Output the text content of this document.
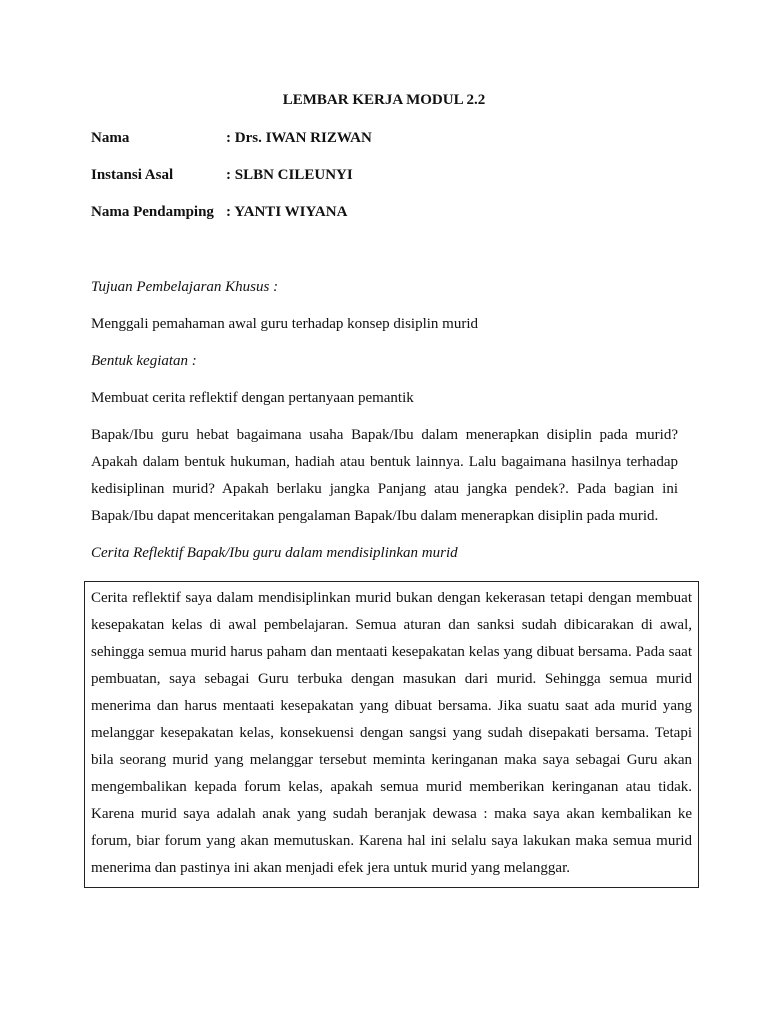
LEMBAR KERJA MODUL 2.2
Nama	: Drs. IWAN RIZWAN
Instansi Asal	: SLBN CILEUNYI
Nama Pendamping : YANTI WIYANA
Tujuan Pembelajaran Khusus :
Menggali pemahaman awal guru terhadap konsep disiplin murid
Bentuk kegiatan :
Membuat cerita reflektif dengan pertanyaan pemantik
Bapak/Ibu guru hebat bagaimana usaha Bapak/Ibu dalam menerapkan disiplin pada murid? Apakah dalam bentuk hukuman, hadiah atau bentuk lainnya. Lalu bagaimana hasilnya terhadap kedisiplinan murid? Apakah berlaku jangka Panjang atau jangka pendek?. Pada bagian ini Bapak/Ibu dapat menceritakan pengalaman Bapak/Ibu dalam menerapkan disiplin pada murid.
Cerita Reflektif Bapak/Ibu guru dalam mendisiplinkan murid

Cerita reflektif saya dalam mendisiplinkan murid bukan dengan kekerasan tetapi dengan membuat kesepakatan kelas di awal pembelajaran. Semua aturan dan sanksi sudah dibicarakan di awal, sehingga semua murid harus paham dan mentaati kesepakatan kelas yang dibuat bersama. Pada saat pembuatan, saya sebagai Guru terbuka dengan masukan dari murid. Sehingga semua murid menerima dan harus mentaati kesepakatan yang dibuat bersama. Jika suatu saat ada murid yang melanggar kesepakatan kelas, konsekuensi dengan sangsi yang sudah disepakati bersama. Tetapi bila seorang murid yang melanggar tersebut meminta keringanan maka saya sebagai Guru akan mengembalikan kepada forum kelas, apakah semua murid memberikan keringanan atau tidak. Karena murid saya adalah anak yang sudah beranjak dewasa : maka saya akan kembalikan ke forum, biar forum yang akan memutuskan. Karena hal ini selalu saya lakukan maka semua murid menerima dan pastinya ini akan menjadi efek jera untuk murid yang melanggar.
